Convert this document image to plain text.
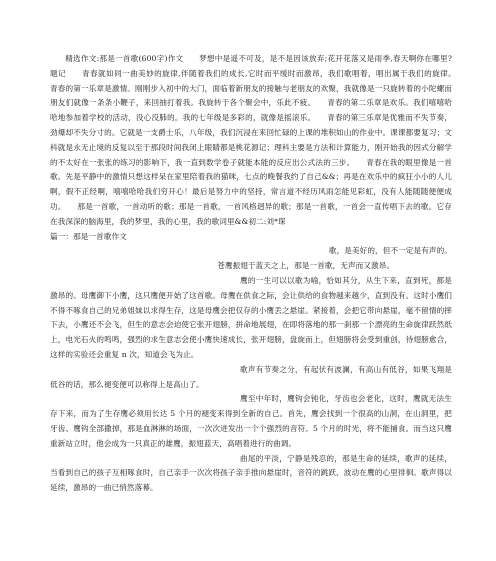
精选作文:那是一首歌(600字)作文　　梦想中是遥不可及，是不是因该放弃;花开花落又是雨季,春天啊你在哪里?　　题记　　青春就如同一曲美妙的旋律,伴随着我们的成长,它时而平缓时而激昂，我们歌唱着，唱出属于我们的旋律。　　青春的第一乐章是激情。刚刚步入初中的大门，面临着新朋友的接触与老朋友的欢聚，我就像是一只旋转着的小陀螺而朋友们就像一条条小鞭子，来回抽打着我。我旋转于各个聚会中，乐此不疲。　　青春的第二乐章是欢乐。我们嘻嘻哈哈地参加着学校的活动，没心没肺的。我的七年级是多彩的，就像是摇滚乐。　　青春的第三乐章是优雅而不失节奏，劲爆却不失分寸的。它就是一支爵士乐，八年级，我们沉浸在来回忙碌的上课的堆积如山的作业中。课课都要复习；文科就是永无止境的反复以至于那段时间我闭上眼睛都是桃花源记；理科主要是方法和计算能力，刚开始我的因式分解学的不太好在一张张的练习的影响下，我一直到数学卷子就能本能的反应出公式法的三步。　　青春在我的眼里像是一首歌。先是平静中的激情只想这样呆在家里陪着我的猫咪，七点的晚餐我约了自己&&；再是在欢乐中的疯狂小小的人儿啊，假不正经啊，嘻嘻哈哈我们穷开心！最后是努力中的坚持，常言道不经历风雨怎能见彩虹，没有人能随随便便成功。　　那是一首歌，一首动听的歌；那是一首歌，一首风格迥异的歌；那是一首歌，一首会一直传唱下去的歌。它存在我深深的脑海里，我的梦里，我的心里，我的歌词里&&初二:刘*琛

篇一：那是一首歌作文

歌，是美好的，但不一定是有声的。

苍鹰振翅于蓝天之上，那是一首歌，无声而又激昂。

鹰的一生可以以歌为喻，恰如其分，从生下来，直到死，都是激昂的。母鹰御下小鹰，这只鹰便开始了这首歌。母鹰在供食之际，会让供给的食物越来越少，直到没有。这时小鹰们不得不啄食自己的兄弟姐妹以求得生存，这是母鹰会把仅存的小鹰丢之悬崖。紧接着，会把它带向悬崖，毫不留情的摔下去，小鹰还不会飞，但生的意志会迫使它张开翅膀，拼命地展翅，在即将落地的那一刹那一个漂亮的生命旋律跃然纸上，电光石火的鸣鸣，强烈的求生意志会使小鹰快速成长，张开翅膀，盘旋而上，但翅膀将会受到重创，待翅膀愈合，这样的实验还会重复 n 次，知道会飞为止。

歌声有节奏之分，有起伏有波澜，有高山有低谷，如果飞翔是低谷的话，那么褪变便可以称得上是高山了。

鹰至中年时，鹰钩会钝化，牙齿也会老化，这时，鹰就无法生存下来，而为了生存鹰必须用长达 5 个月的褪变来得到全新的自己。首先，鹰会找到一个很高的山洞，在山洞里，把牙齿、鹰钩全部撒掉，那是血淋淋的场面，一次次进发出一个个强烈的音符。5 个月的时光，将不能捕食。而当这只鹰重新站立时，他会成为一只真正的雄鹰，振翅蓝天，高唱着进行的曲调。

曲尾的平淡，宁静是残忍的，那是生命的延续，歌声的延续，当看到自己的孩子互相啄食时，自己亲手一次次将孩子亲手推向悬崖时，音符的跳跃、波动在鹰的心里徘徊。歌声得以延续，激昂的一曲已悄然落幕。
